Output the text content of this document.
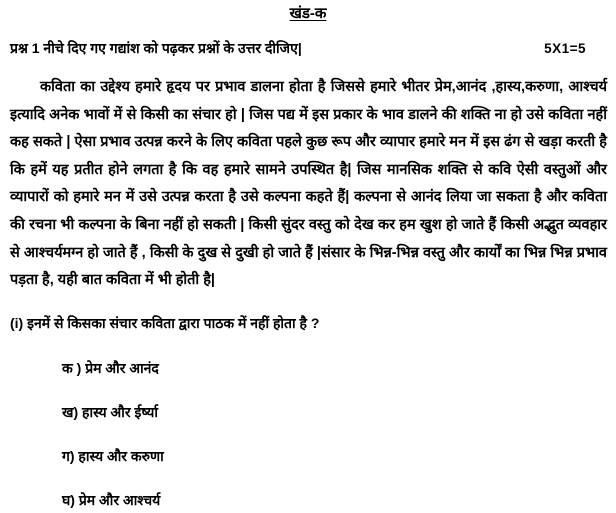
खंड-क
प्रश्न 1 नीचे दिए गए गद्यांश को पढ़कर प्रश्नों के उत्तर दीजिए|	5X1=5
कविता का उद्देश्य हमारे हृदय पर प्रभाव डालना होता है जिससे हमारे भीतर प्रेम,आनंद ,हास्य,करुणा, आश्चर्य इत्यादि अनेक भावों में से किसी का संचार हो | जिस पद्य में इस प्रकार के भाव डालने की शक्ति ना हो उसे कविता नहीं कह सकते | ऐसा प्रभाव उत्पन्न करने के लिए कविता पहले कुछ रूप और व्यापार हमारे मन में इस ढंग से खड़ा करती है कि हमें यह प्रतीत होने लगता है कि वह हमारे सामने उपस्थित है| जिस मानसिक शक्ति से कवि ऐसी वस्तुओं और व्यापारों को हमारे मन में उसे उत्पन्न करता है उसे कल्पना कहते हैं| कल्पना से आनंद लिया जा सकता है और कविता की रचना भी कल्पना के बिना नहीं हो सकती | किसी सुंदर वस्तु को देख कर हम खुश हो जाते हैं किसी अद्भुत व्यवहार से आश्चर्यमग्न हो जाते हैं , किसी के दुख से दुखी हो जाते हैं |संसार के भिन्न-भिन्न वस्तु और कार्यों का भिन्न भिन्न प्रभाव पड़ता है, यही बात कविता में भी होती है|
(i) इनमें से किसका संचार कविता द्वारा पाठक में नहीं होता है ?
क ) प्रेम और आनंद
ख) हास्य और ईर्ष्या
ग) हास्य और करुणा
घ) प्रेम और आश्चर्य
